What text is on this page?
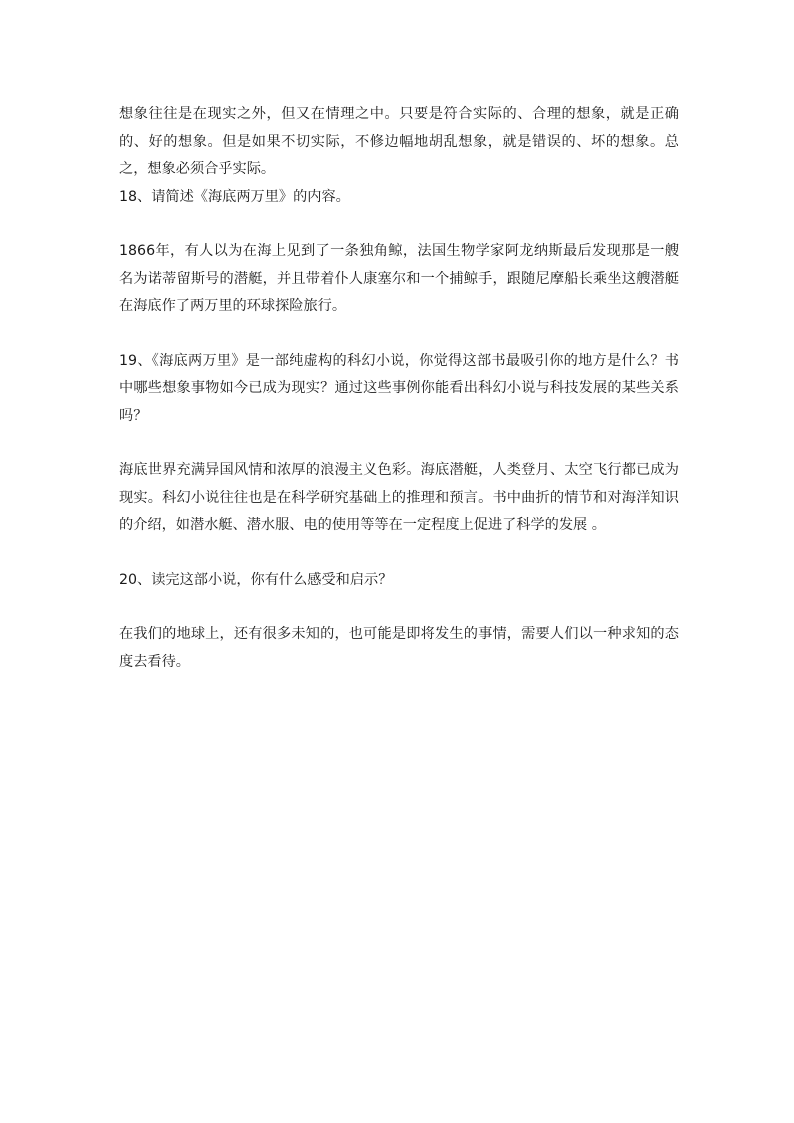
想象往往是在现实之外，但又在情理之中。只要是符合实际的、合理的想象，就是正确的、好的想象。但是如果不切实际，不修边幅地胡乱想象，就是错误的、坏的想象。总之，想象必须合乎实际。

18、请简述《海底两万里》的内容。

1866年，有人以为在海上见到了一条独角鲸，法国生物学家阿龙纳斯最后发现那是一艘名为诺蒂留斯号的潜艇，并且带着仆人康塞尔和一个捕鲸手，跟随尼摩船长乘坐这艘潜艇在海底作了两万里的环球探险旅行。

19、《海底两万里》是一部纯虚构的科幻小说，你觉得这部书最吸引你的地方是什么？书中哪些想象事物如今已成为现实？通过这些事例你能看出科幻小说与科技发展的某些关系吗？

海底世界充满异国风情和浓厚的浪漫主义色彩。海底潜艇，人类登月、太空飞行都已成为现实。科幻小说往往也是在科学研究基础上的推理和预言。书中曲折的情节和对海洋知识的介绍，如潜水艇、潜水服、电的使用等等在一定程度上促进了科学的发展 。

20、读完这部小说，你有什么感受和启示？

在我们的地球上，还有很多未知的，也可能是即将发生的事情，需要人们以一种求知的态度去看待。
